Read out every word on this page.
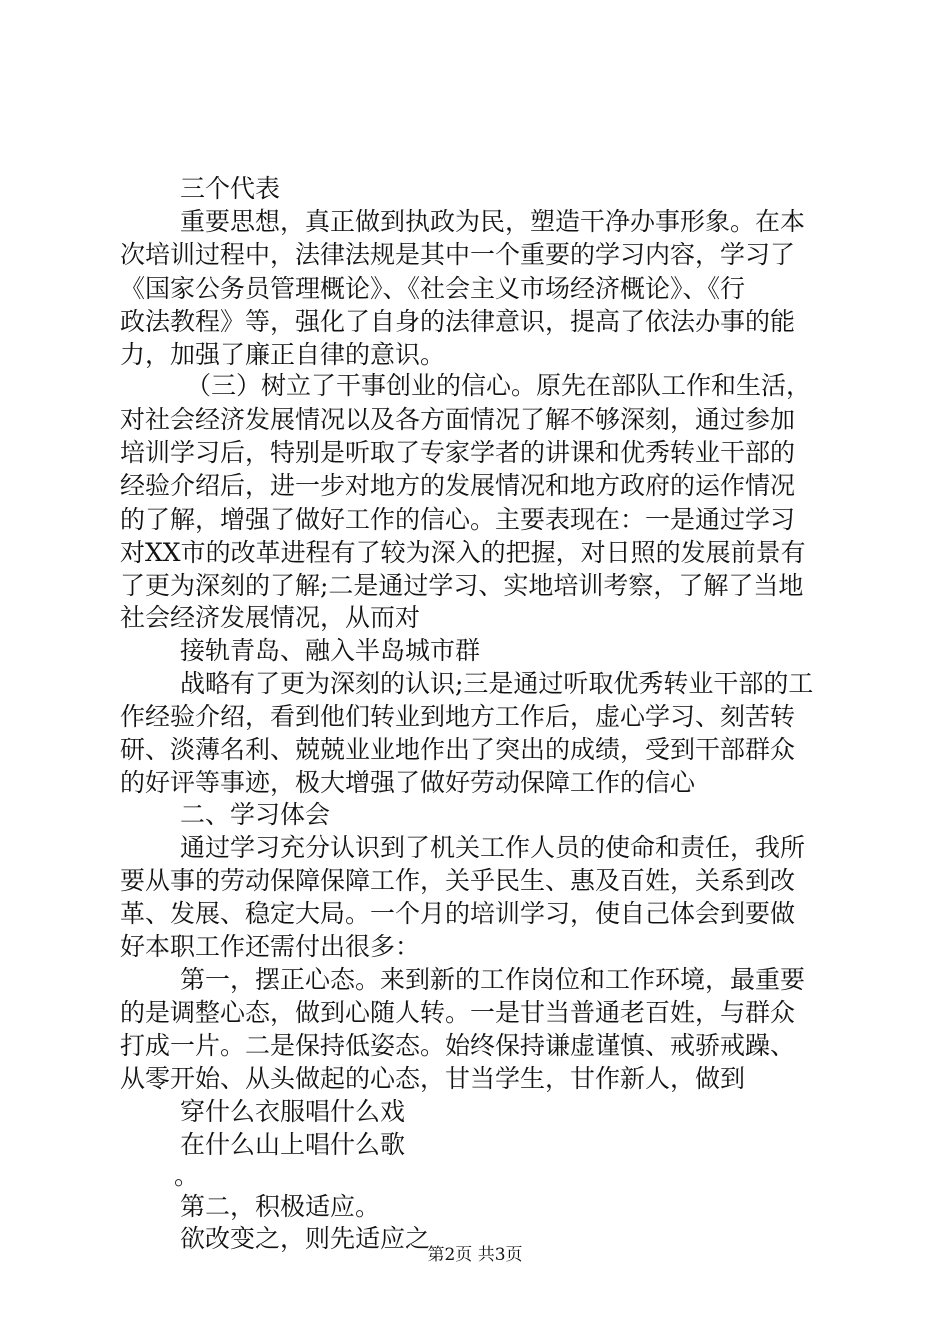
三个代表
重要思想，真正做到执政为民，塑造干净办事形象。在本
次培训过程中，法律法规是其中一个重要的学习内容，学习了
《国家公务员管理概论》、《社会主义市场经济概论》、《行
政法教程》等，强化了自身的法律意识，提高了依法办事的能
力，加强了廉正自律的意识。
（三）树立了干事创业的信心。原先在部队工作和生活，
对社会经济发展情况以及各方面情况了解不够深刻，通过参加
培训学习后，特别是听取了专家学者的讲课和优秀转业干部的
经验介绍后，进一步对地方的发展情况和地方政府的运作情况
的了解，增强了做好工作的信心。主要表现在：一是通过学习
对XX市的改革进程有了较为深入的把握，对日照的发展前景有
了更为深刻的了解;二是通过学习、实地培训考察，了解了当地
社会经济发展情况，从而对
接轨青岛、融入半岛城市群
战略有了更为深刻的认识;三是通过听取优秀转业干部的工
作经验介绍，看到他们转业到地方工作后，虚心学习、刻苦转
研、淡薄名利、兢兢业业地作出了突出的成绩，受到干部群众
的好评等事迹，极大增强了做好劳动保障工作的信心
二、学习体会
通过学习充分认识到了机关工作人员的使命和责任，我所
要从事的劳动保障保障工作，关乎民生、惠及百姓，关系到改
革、发展、稳定大局。一个月的培训学习，使自己体会到要做
好本职工作还需付出很多：
第一，摆正心态。来到新的工作岗位和工作环境，最重要
的是调整心态，做到心随人转。一是甘当普通老百姓，与群众
打成一片。二是保持低姿态。始终保持谦虚谨慎、戒骄戒躁、
从零开始、从头做起的心态，甘当学生，甘作新人，做到
穿什么衣服唱什么戏
在什么山上唱什么歌
。
第二，积极适应。
欲改变之，则先适应之
第2页 共3页
